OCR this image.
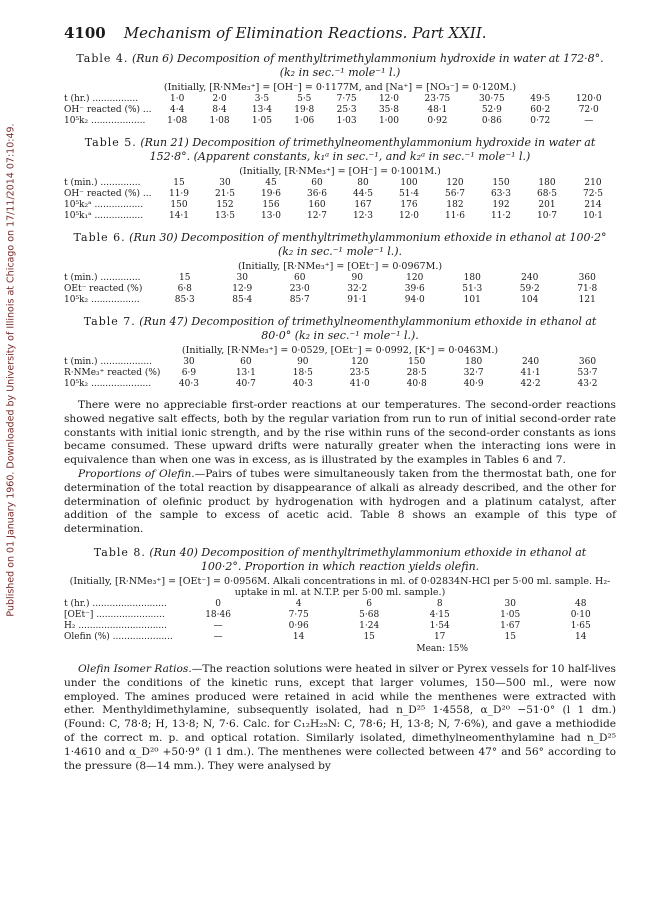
Published on 01 January 1960. Downloaded by University of Illinois at Chicago on 17/11/2014 07:10:49.
4100 Mechanism of Elimination Reactions. Part XXII.
Table 4. (Run 6) Decomposition of menthyltrimethylammonium hydroxide in water at 172·8°. (k₂ in sec.⁻¹ mole⁻¹ l.)
(Initially, [R·NMe₃⁺] = [OH⁻] = 0·1177M, and [Na⁺] = [NO₃⁻] = 0·120M.)
t (hr.) ................	1·0	2·0	3·5	5·5	7·75	12·0	23·75	30·75	49·5	120·0
OH⁻ reacted (%) ...	4·4	8·4	13·4	19·8	25·3	35·8	48·1	52·9	60·2	72·0
10⁵k₂ ...................	1·08	1·08	1·05	1·06	1·03	1·00	0·92	0·86	0·72	—
Table 5. (Run 21) Decomposition of trimethylneomenthylammonium hydroxide in water at 152·8°. (Apparent constants, k₁ᵃ in sec.⁻¹, and k₂ᵃ in sec.⁻¹ mole⁻¹ l.)
(Initially, [R·NMe₃⁺] = [OH⁻] = 0·1001M.)
t (min.) ..............	15	30	45	60	80	100	120	150	180	210
OH⁻ reacted (%) ...	11·9	21·5	19·6	36·6	44·5	51·4	56·7	63·3	68·5	72·5
10⁵k₂ᵃ .................	150	152	156	160	167	176	182	192	201	214
10⁵k₁ᵃ .................	14·1	13·5	13·0	12·7	12·3	12·0	11·6	11·2	10·7	10·1
Table 6. (Run 30) Decomposition of menthyltrimethylammonium ethoxide in ethanol at 100·2° (k₂ in sec.⁻¹ mole⁻¹ l.).
(Initially, [R·NMe₃⁺] = [OEt⁻] = 0·0967M.)
t (min.) ..............	15	30	60	90	120	180	240	360
OEt⁻ reacted (%)	6·8	12·9	23·0	32·2	39·6	51·3	59·2	71·8
10⁵k₂ .................	85·3	85·4	85·7	91·1	94·0	101	104	121
Table 7. (Run 47) Decomposition of trimethylneomenthylammonium ethoxide in ethanol at 80·0° (k₂ in sec.⁻¹ mole⁻¹ l.).
(Initially, [R·NMe₃⁺] = 0·0529, [OEt⁻] = 0·0992, [K⁺] = 0·0463M.)
t (min.) ..................	30	60	90	120	150	180	240	360
R·NMe₃⁺ reacted (%)	6·9	13·1	18·5	23·5	28·5	32·7	41·1	53·7
10⁵k₂ .....................	40·3	40·7	40·3	41·0	40·8	40·9	42·2	43·2

There were no appreciable first-order reactions at our temperatures. The second-order reactions showed negative salt effects, both by the regular variation from run to run of initial second-order rate constants with initial ionic strength, and by the rise within runs of the second-order constants as ions became consumed. These upward drifts were naturally greater when the interacting ions were in equivalence than when one was in excess, as is illustrated by the examples in Tables 6 and 7.

Proportions of Olefin.—Pairs of tubes were simultaneously taken from the thermostat bath, one for determination of the total reaction by disappearance of alkali as already described, and the other for determination of olefinic product by hydrogenation with hydrogen and a platinum catalyst, after addition of the sample to excess of acetic acid. Table 8 shows an example of this type of determination.

Table 8. (Run 40) Decomposition of menthyltrimethylammonium ethoxide in ethanol at 100·2°. Proportion in which reaction yields olefin.
(Initially, [R·NMe₃⁺] = [OEt⁻] = 0·0956M. Alkali concentrations in ml. of 0·02834N-HCl per 5·00 ml. sample. H₂-uptake in ml. at N.T.P. per 5·00 ml. sample.)
t (hr.) ..........................	0	4	6	8	30	48
[OEt⁻] ........................	18·46	7·75	5·68	4·15	1·05	0·10
H₂ ...............................	—	0·96	1·24	1·54	1·67	1·65
Olefin (%) .....................	—	14	15	17	15	14
Mean: 15%

Olefin Isomer Ratios.—The reaction solutions were heated in silver or Pyrex vessels for 10 half-lives under the conditions of the kinetic runs, except that larger volumes, 150—500 ml., were now employed. The amines produced were retained in acid while the menthenes were extracted with ether. Menthyldimethylamine, subsequently isolated, had n_D²⁵ 1·4558, α_D²⁰ −51·0° (l 1 dm.) (Found: C, 78·8; H, 13·8; N, 7·6. Calc. for C₁₂H₂₅N: C, 78·6; H, 13·8; N, 7·6%), and gave a methiodide of the correct m. p. and optical rotation. Similarly isolated, dimethylneomenthylamine had n_D²⁵ 1·4610 and α_D²⁰ +50·9° (l 1 dm.). The menthenes were collected between 47° and 56° according to the pressure (8—14 mm.). They were analysed by
